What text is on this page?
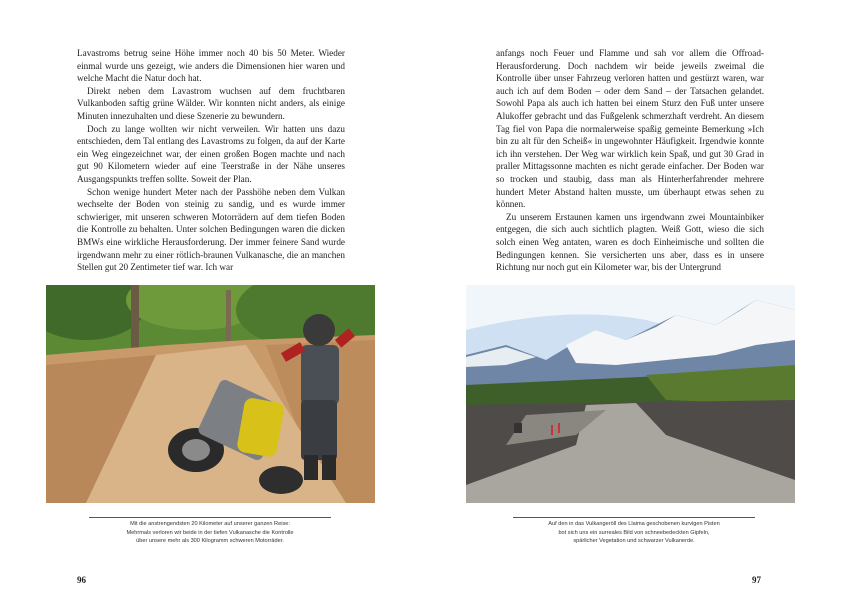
Lavastroms betrug seine Höhe immer noch 40 bis 50 Meter. Wieder einmal wurde uns gezeigt, wie anders die Dimensionen hier waren und welche Macht die Natur doch hat.

Direkt neben dem Lavastrom wuchsen auf dem fruchtbaren Vulkanboden saftig grüne Wälder. Wir konnten nicht anders, als einige Minuten innezuhalten und diese Szenerie zu bewundern.

Doch zu lange wollten wir nicht verweilen. Wir hatten uns dazu entschieden, dem Tal entlang des Lavastroms zu folgen, da auf der Karte ein Weg eingezeichnet war, der einen großen Bogen machte und nach gut 90 Kilometern wieder auf eine Teerstraße in der Nähe unseres Ausgangspunkts treffen sollte. Soweit der Plan.

Schon wenige hundert Meter nach der Passhöhe neben dem Vulkan wechselte der Boden von steinig zu sandig, und es wurde immer schwieriger, mit unseren schweren Motorrädern auf dem tiefen Boden die Kontrolle zu behalten. Unter solchen Bedingungen waren die dicken BMWs eine wirkliche Herausforderung. Der immer feinere Sand wurde irgendwann mehr zu einer rötlich-braunen Vulkanasche, die an manchen Stellen gut 20 Zentimeter tief war. Ich war

Mit die anstrengendsten 20 Kilometer auf unserer ganzen Reise:
Mehrmals verloren wir beide in der tiefen Vulkanasche die Kontrolle
über unsere mehr als 300 Kilogramm schweren Motorräder.
96

anfangs noch Feuer und Flamme und sah vor allem die Offroad-Herausforderung. Doch nachdem wir beide jeweils zweimal die Kontrolle über unser Fahrzeug verloren hatten und gestürzt waren, war auch ich auf dem Boden – oder dem Sand – der Tatsachen gelandet. Sowohl Papa als auch ich hatten bei einem Sturz den Fuß unter unsere Alukoffer gebracht und das Fußgelenk schmerzhaft verdreht. An diesem Tag fiel von Papa die normalerweise spaßig gemeinte Bemerkung »Ich bin zu alt für den Scheiß« in ungewohnter Häufigkeit. Irgendwie konnte ich ihn verstehen. Der Weg war wirklich kein Spaß, und gut 30 Grad in praller Mittagssonne machten es nicht gerade einfacher. Der Boden war so trocken und staubig, dass man als Hinterherfahrender mehrere hundert Meter Abstand halten musste, um überhaupt etwas sehen zu können.

Zu unserem Erstaunen kamen uns irgendwann zwei Mountainbiker entgegen, die sich auch sichtlich plagten. Weiß Gott, wieso die sich solch einen Weg antaten, waren es doch Einheimische und sollten die Bedingungen kennen. Sie versicherten uns aber, dass es in unsere Richtung nur noch gut ein Kilometer war, bis der Untergrund

Auf den in das Vulkangeröll des Llaima geschobenen kurvigen Pisten
bot sich uns ein surreales Bild von schneebedeckten Gipfeln,
spärlicher Vegetation und schwarzer Vulkanerde.
97
